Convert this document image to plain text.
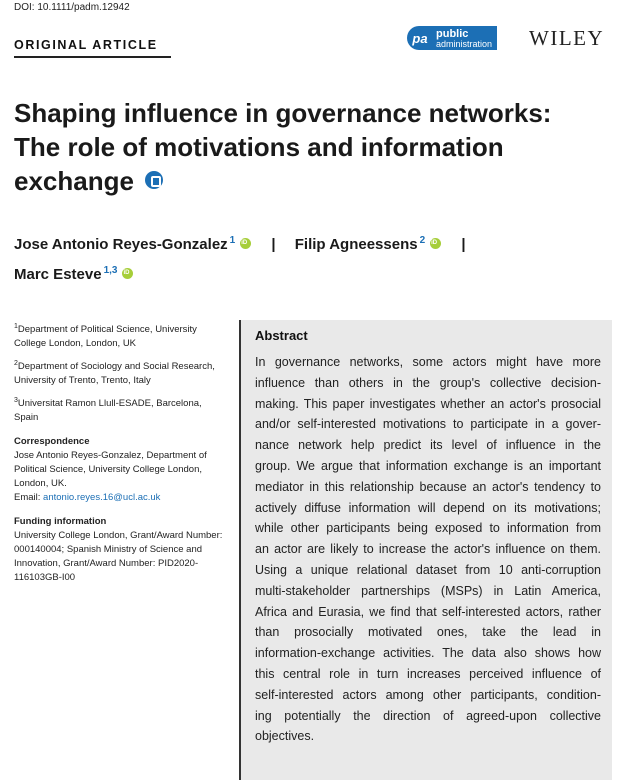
DOI: 10.1111/padm.12942
ORIGINAL ARTICLE	pa public
administration WILEY
Shaping influence in governance networks:
The role of motivations and information
exchange
Jose Antonio Reyes-Gonzalez $^1$ iD | Filip Agneessens $^2$ iD |
Marc Esteve $^{1,3}$iD

$^1$Department of Political Science, University College London, London, UK

$^2$Department of Sociology and Social Research, University of Trento, Trento, Italy

$^3$Universitat Ramon Llull-ESADE, Barcelona, Spain

Correspondence

Jose Antonio Reyes-Gonzalez, Department of Political Science, University College London, London, UK.

Email: antonio.reyes.16@ucl.ac.uk

Funding information

University College London, Grant/Award Number: 000140004; Spanish Ministry of Science and Innovation, Grant/Award Number: PID2020-116103GB-I00

Abstract
In governance networks, some actors might have more
influence than others in the group's collective decision-
making. This paper investigates whether an actor's prosocial
and/or self-interested motivations to participate in a gover-
nance network help predict its level of influence in the
group. We argue that information exchange is an important
mediator in this relationship because an actor's tendency to
actively diffuse information will depend on its motivations;
while other participants being exposed to information from
an actor are likely to increase the actor's influence on them.
Using a unique relational dataset from 10 anti-corruption
multi-stakeholder partnerships (MSPs) in Latin America,
Africa and Eurasia, we find that self-interested actors, rather
than prosocially motivated ones, take the lead in
information-exchange activities. The data also shows how
this central role in turn increases perceived influence of
self-interested actors among other participants, condition-
ing potentially the direction of agreed-upon collective
objectives.
